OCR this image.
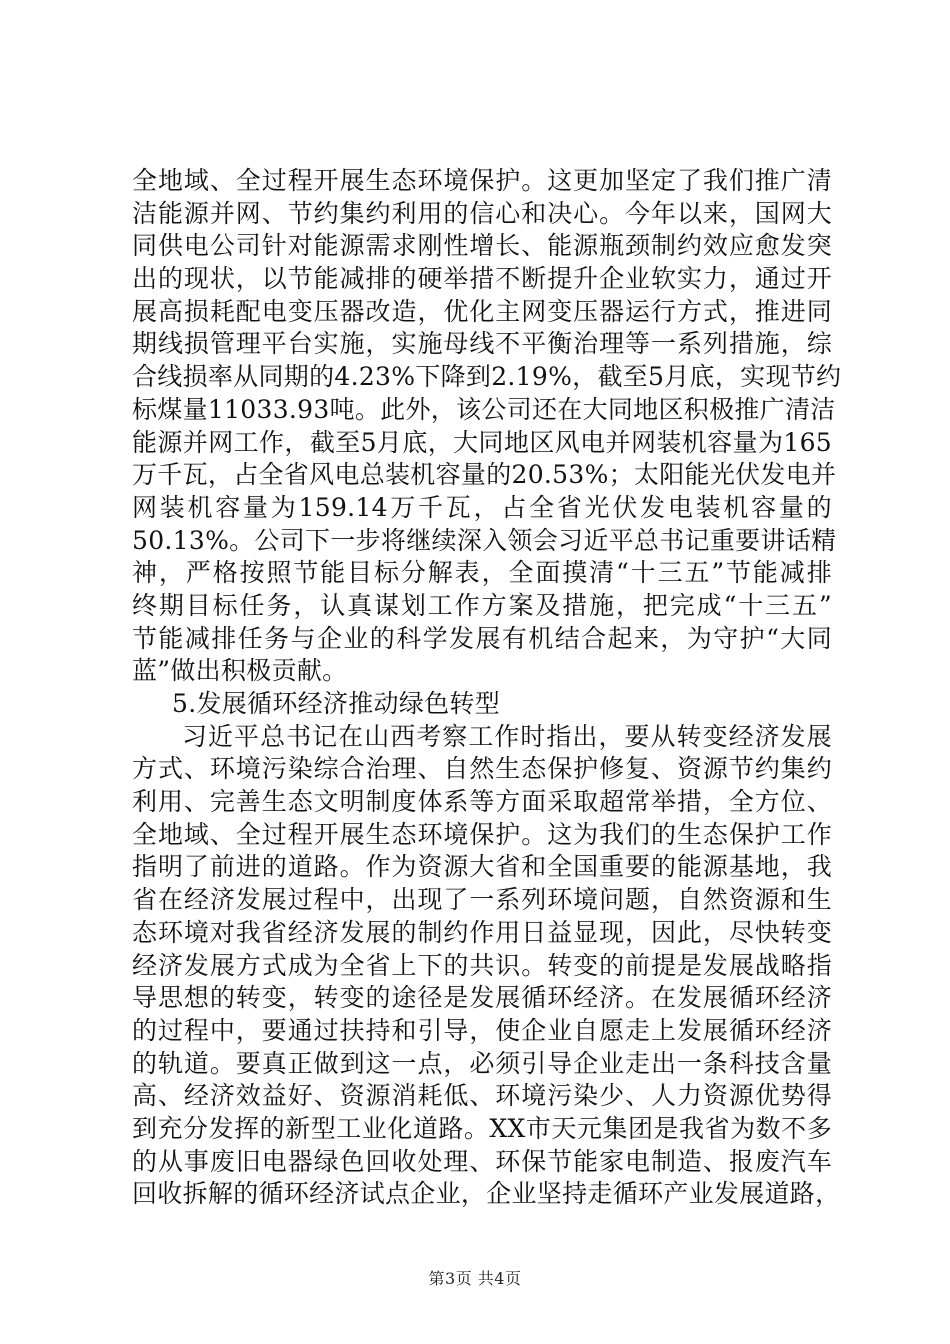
全地域、全过程开展生态环境保护。这更加坚定了我们推广清
洁能源并网、节约集约利用的信心和决心。今年以来，国网大
同供电公司针对能源需求刚性增长、能源瓶颈制约效应愈发突
出的现状，以节能减排的硬举措不断提升企业软实力，通过开
展高损耗配电变压器改造，优化主网变压器运行方式，推进同
期线损管理平台实施，实施母线不平衡治理等一系列措施，综
合线损率从同期的4.23%下降到2.19%，截至5月底，实现节约
标煤量11033.93吨。此外，该公司还在大同地区积极推广清洁
能源并网工作，截至5月底，大同地区风电并网装机容量为165
万千瓦，占全省风电总装机容量的20.53%；太阳能光伏发电并
网装机容量为159.14万千瓦，占全省光伏发电装机容量的
50.13%。公司下一步将继续深入领会习近平总书记重要讲话精
神，严格按照节能目标分解表，全面摸清“十三五”节能减排
终期目标任务，认真谋划工作方案及措施，把完成“十三五”
节能减排任务与企业的科学发展有机结合起来，为守护“大同
蓝”做出积极贡献。
5.发展循环经济推动绿色转型
习近平总书记在山西考察工作时指出，要从转变经济发展
方式、环境污染综合治理、自然生态保护修复、资源节约集约
利用、完善生态文明制度体系等方面采取超常举措，全方位、
全地域、全过程开展生态环境保护。这为我们的生态保护工作
指明了前进的道路。作为资源大省和全国重要的能源基地，我
省在经济发展过程中，出现了一系列环境问题，自然资源和生
态环境对我省经济发展的制约作用日益显现，因此，尽快转变
经济发展方式成为全省上下的共识。转变的前提是发展战略指
导思想的转变，转变的途径是发展循环经济。在发展循环经济
的过程中，要通过扶持和引导，使企业自愿走上发展循环经济
的轨道。要真正做到这一点，必须引导企业走出一条科技含量
高、经济效益好、资源消耗低、环境污染少、人力资源优势得
到充分发挥的新型工业化道路。XX市天元集团是我省为数不多
的从事废旧电器绿色回收处理、环保节能家电制造、报废汽车
回收拆解的循环经济试点企业，企业坚持走循环产业发展道路，
第3页 共4页
